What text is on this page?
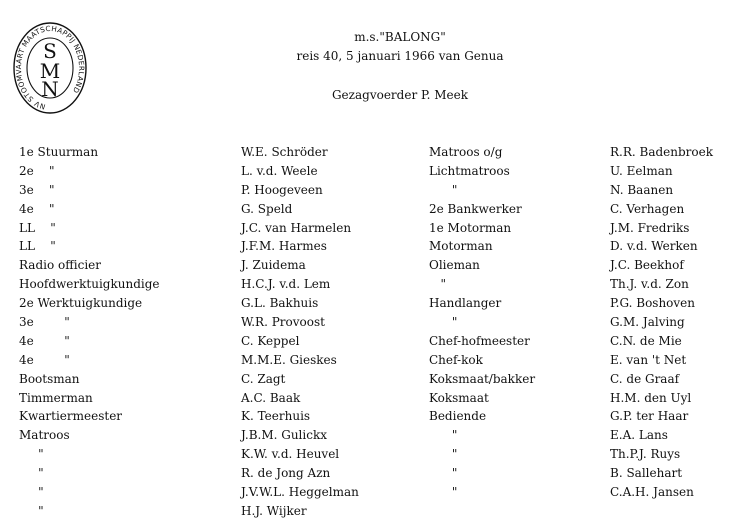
NV STOOMVAART MAATSCHAPPIJ NEDERLAND
S
M
N
m.s."BALONG"
reis 40, 5 januari 1966 van Genua
Gezagvoerder P. Meek
1e Stuurman	W.E. Schröder	Matroos o/g	R.R. Badenbroek
2e    "	L. v.d. Weele	Lichtmatroos	U. Eelman
3e    "	P. Hoogeveen	"	N. Baanen
4e    "	G. Speld	2e Bankwerker	C. Verhagen
LL    "	J.C. van Harmelen	1e Motorman	J.M. Fredriks
LL    "	J.F.M. Harmes	Motorman	D. v.d. Werken
Radio officier	J. Zuidema	Olieman	J.C. Beekhof
Hoofdwerktuigkundige	H.C.J. v.d. Lem	"	Th.J. v.d. Zon
2e Werktuigkundige	G.L. Bakhuis	Handlanger	P.G. Boshoven
3e        "	W.R. Provoost	"	G.M. Jalving
4e        "	C. Keppel	Chef-hofmeester	C.N. de Mie
4e        "	M.M.E. Gieskes	Chef-kok	E. van 't Net
Bootsman	C. Zagt	Koksmaat/bakker	C. de Graaf
Timmerman	A.C. Baak	Koksmaat	H.M. den Uyl
Kwartiermeester	K. Teerhuis	Bediende	G.P. ter Haar
Matroos	J.B.M. Gulickx	"	E.A. Lans
"	K.W. v.d. Heuvel	"	Th.P.J. Ruys
"	R. de Jong Azn	"	B. Sallehart
"	J.V.W.L. Heggelman	"	C.A.H. Jansen
"	H.J. Wijker
